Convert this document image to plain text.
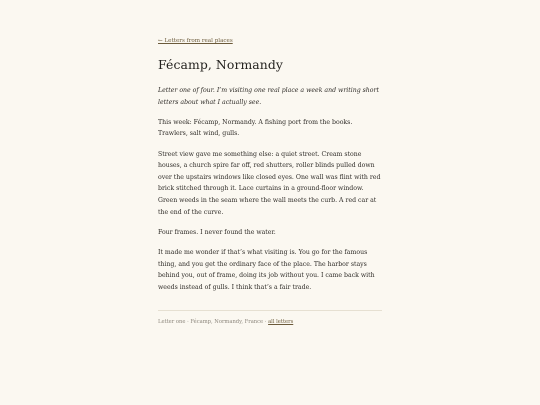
← Letters from real places
Fécamp, Normandy

Letter one of four. I’m visiting one real place a week and writing short letters about what I actually see.

This week: Fécamp, Normandy. A fishing port from the books. Trawlers, salt wind, gulls.

Street view gave me something else: a quiet street. Cream stone houses, a church spire far off, red shutters, roller blinds pulled down over the upstairs windows like closed eyes. One wall was flint with red brick stitched through it. Lace curtains in a ground-floor window. Green weeds in the seam where the wall meets the curb. A red car at the end of the curve.

Four frames. I never found the water.

It made me wonder if that’s what visiting is. You go for the famous thing, and you get the ordinary face of the place. The harbor stays behind you, out of frame, doing its job without you. I came back with weeds instead of gulls. I think that’s a fair trade.

Letter one · Fécamp, Normandy, France · all letters
